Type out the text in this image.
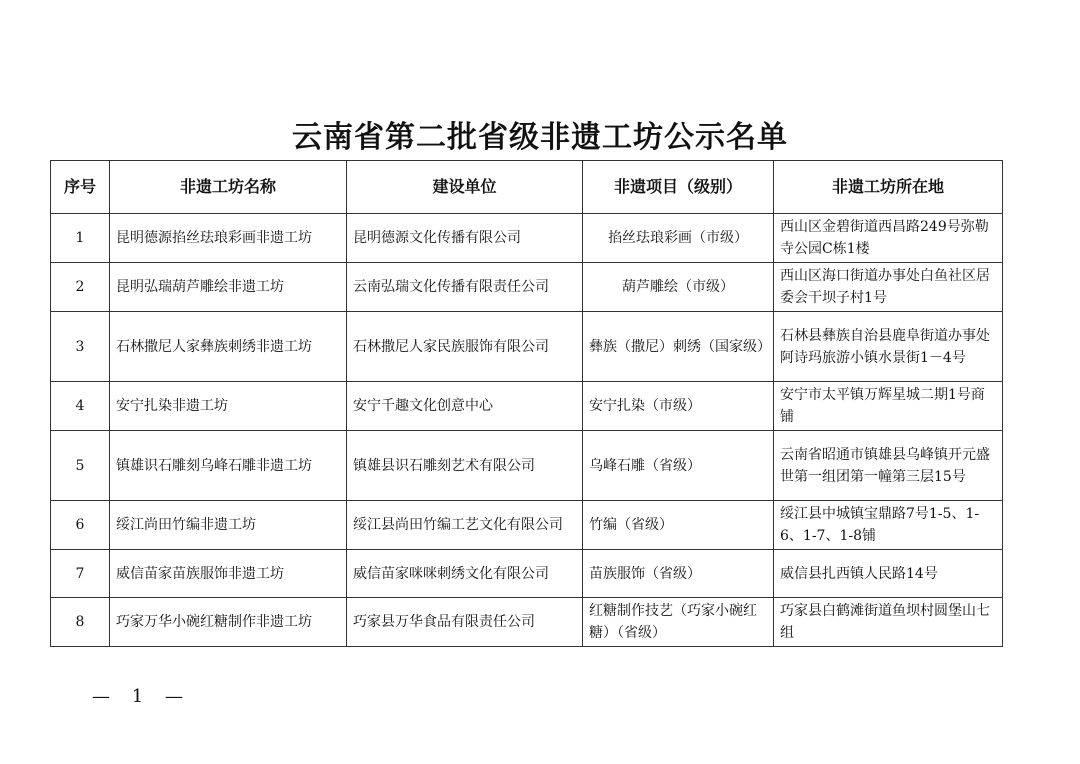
云南省第二批省级非遗工坊公示名单
序号	非遗工坊名称	建设单位	非遗项目（级别）	非遗工坊所在地
1	昆明德源掐丝珐琅彩画非遗工坊	昆明德源文化传播有限公司	掐丝珐琅彩画（市级）	西山区金碧街道西昌路249号弥勒寺公园C栋1楼
2	昆明弘瑞葫芦雕绘非遗工坊	云南弘瑞文化传播有限责任公司	葫芦雕绘（市级）	西山区海口街道办事处白鱼社区居委会干坝子村1号
3	石林撒尼人家彝族刺绣非遗工坊	石林撒尼人家民族服饰有限公司	彝族（撒尼）刺绣（国家级）	石林县彝族自治县鹿阜街道办事处阿诗玛旅游小镇水景街1－4号
4	安宁扎染非遗工坊	安宁千趣文化创意中心	安宁扎染（市级）	安宁市太平镇万辉星城二期1号商铺
5	镇雄识石雕刻乌峰石雕非遗工坊	镇雄县识石雕刻艺术有限公司	乌峰石雕（省级）	云南省昭通市镇雄县乌峰镇开元盛世第一组团第一幢第三层15号
6	绥江尚田竹编非遗工坊	绥江县尚田竹编工艺文化有限公司	竹编（省级）	绥江县中城镇宝鼎路7号1-5、1-6、1-7、1-8铺
7	威信苗家苗族服饰非遗工坊	威信苗家咪咪刺绣文化有限公司	苗族服饰（省级）	威信县扎西镇人民路14号
8	巧家万华小碗红糖制作非遗工坊	巧家县万华食品有限责任公司	红糖制作技艺（巧家小碗红糖）（省级）	巧家县白鹤滩街道鱼坝村圆堡山七组
— 1 —
